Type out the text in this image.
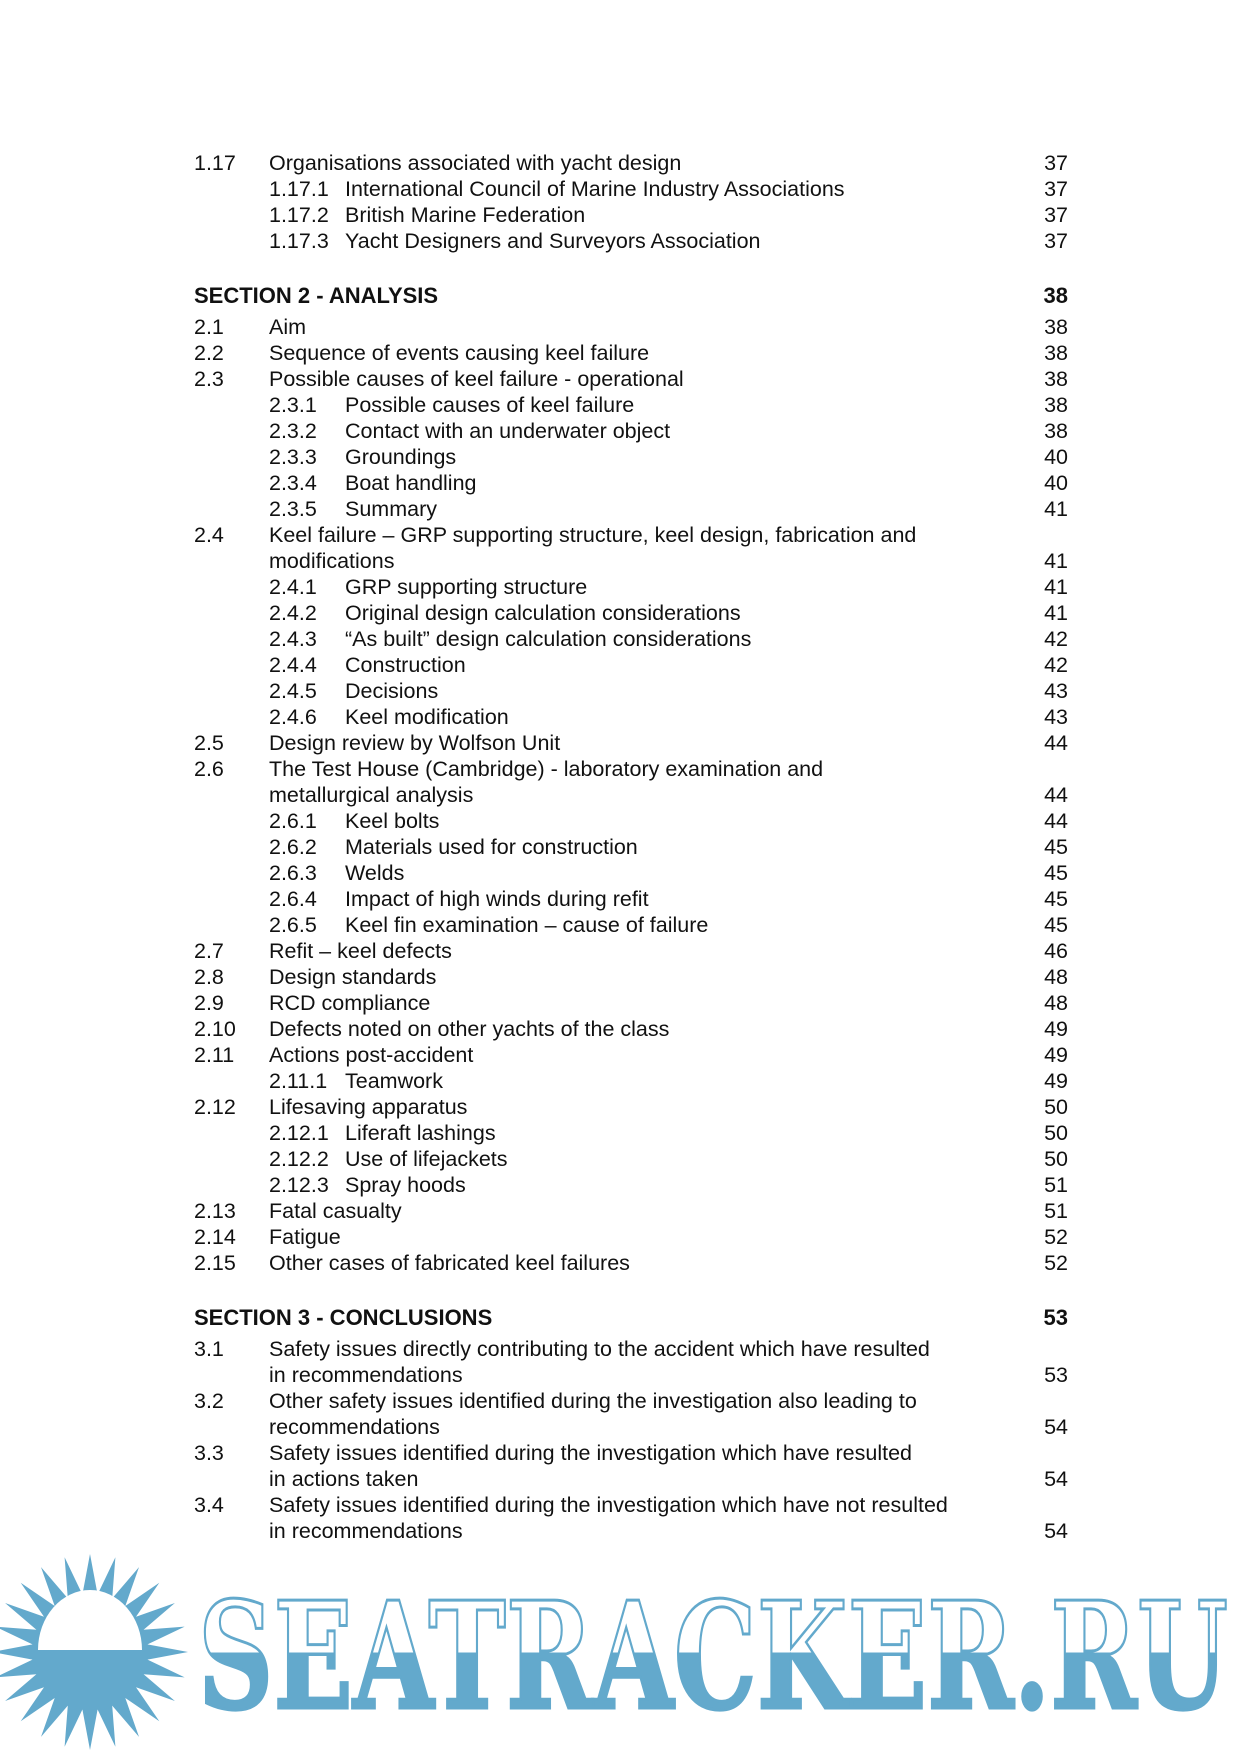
1.17 Organisations associated with yacht design	37
1.17.1 International Council of Marine Industry Associations	37
1.17.2 British Marine Federation	37
1.17.3 Yacht Designers and Surveyors Association	37
SECTION 2 - ANALYSIS	38
2.1 Aim	38
2.2 Sequence of events causing keel failure	38
2.3 Possible causes of keel failure - operational	38
2.3.1 Possible causes of keel failure	38
2.3.2 Contact with an underwater object	38
2.3.3 Groundings	40
2.3.4 Boat handling	40
2.3.5 Summary	41
2.4 Keel failure – GRP supporting structure, keel design, fabrication and
modifications	41
2.4.1 GRP supporting structure	41
2.4.2 Original design calculation considerations	41
2.4.3 “As built” design calculation considerations	42
2.4.4 Construction	42
2.4.5 Decisions	43
2.4.6 Keel modification	43
2.5 Design review by Wolfson Unit	44
2.6 The Test House (Cambridge) - laboratory examination and
metallurgical analysis	44
2.6.1 Keel bolts	44
2.6.2 Materials used for construction	45
2.6.3 Welds	45
2.6.4 Impact of high winds during refit	45
2.6.5 Keel fin examination – cause of failure	45
2.7 Refit – keel defects	46
2.8 Design standards	48
2.9 RCD compliance	48
2.10 Defects noted on other yachts of the class	49
2.11 Actions post-accident	49
2.11.1 Teamwork	49
2.12 Lifesaving apparatus	50
2.12.1 Liferaft lashings	50
2.12.2 Use of lifejackets	50
2.12.3 Spray hoods	51
2.13 Fatal casualty	51
2.14 Fatigue	52
2.15 Other cases of fabricated keel failures	52
SECTION 3 - CONCLUSIONS	53
3.1 Safety issues directly contributing to the accident which have resulted
in recommendations	53
3.2 Other safety issues identified during the investigation also leading to
recommendations	54
3.3 Safety issues identified during the investigation which have resulted
in actions taken	54
3.4 Safety issues identified during the investigation which have not resulted
in recommendations	54
SEATRACKER.RU
